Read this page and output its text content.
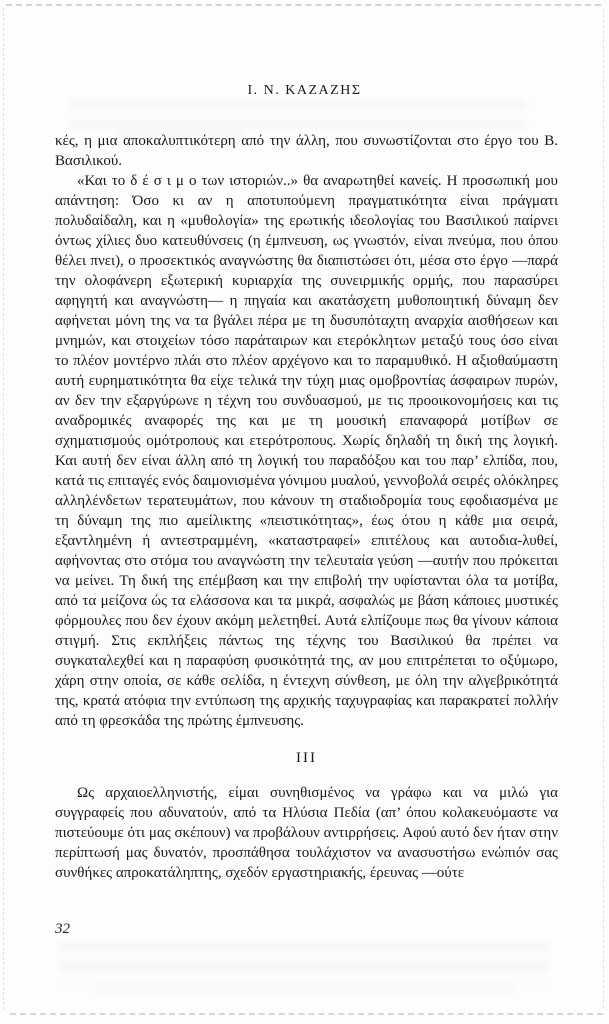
Ι. Ν. ΚΑΖΑΖΗΣ

κές, η μια αποκαλυπτικότερη από την άλλη, που συνωστίζονται στο έργο του Β. Βασιλικού.

«Και το δ έ σ ι μ ο των ιστοριών..» θα αναρωτηθεί κανείς. Η προσωπική μου απάντηση: Όσο κι αν η αποτυπούμενη πραγματικότητα είναι πράγματι πολυδαίδαλη, και η «μυθολογία» της ερωτικής ιδεολογίας του Βασιλικού παίρνει όντως χίλιες δυο κατευθύνσεις (η έμπνευση, ως γνωστόν, είναι πνεύμα, που όπου θέλει πνει), ο προσεκτικός αναγνώστης θα διαπιστώσει ότι, μέσα στο έργο —παρά την ολοφάνερη εξωτερική κυριαρχία της συνειρμικής ορμής, που παρασύρει αφηγητή και αναγνώστη— η πηγαία και ακατάσχετη μυθοποιητική δύναμη δεν αφήνεται μόνη της να τα βγάλει πέρα με τη δυσυπόταχτη αναρχία αισθήσεων και μνημών, και στοιχείων τόσο παράταιρων και ετερόκλητων μεταξύ τους όσο είναι το πλέον μοντέρνο πλάι στο πλέον αρχέγονο και το παραμυθικό. Η αξιοθαύμαστη αυτή ευρηματικότητα θα είχε τελικά την τύχη μιας ομοβροντίας άσφαιρων πυρών, αν δεν την εξαργύρωνε η τέχνη του συνδυασμού, με τις προοικονομήσεις και τις αναδρομικές αναφορές της και με τη μουσική επαναφορά μοτίβων σε σχηματισμούς ομότροπους και ετερότροπους. Χωρίς δηλαδή τη δική της λογική. Και αυτή δεν είναι άλλη από τη λογική του παραδόξου και του παρ’ ελπίδα, που, κατά τις επιταγές ενός δαιμονισμένα γόνιμου μυαλού, γεννοβολά σειρές ολόκληρες αλληλένδετων τερατευμάτων, που κάνουν τη σταδιοδρομία τους εφοδιασμένα με τη δύναμη της πιο αμείλικτης «πειστικότητας», έως ότου η κάθε μια σειρά, εξαντλημένη ή αντεστραμμένη, «καταστραφεί» επιτέλους και αυτοδια-λυθεί, αφήνοντας στο στόμα του αναγνώστη την τελευταία γεύση —αυτήν που πρόκειται να μείνει. Τη δική της επέμβαση και την επιβολή την υφίστανται όλα τα μοτίβα, από τα μείζονα ώς τα ελάσσονα και τα μικρά, ασφαλώς με βάση κάποιες μυστικές φόρμουλες που δεν έχουν ακόμη μελετηθεί. Αυτά ελπίζουμε πως θα γίνουν κάποια στιγμή. Στις εκπλήξεις πάντως της τέχνης του Βασιλικού θα πρέπει να συγκαταλεχθεί και η παραφύση φυσικότητά της, αν μου επιτρέπεται το οξύμωρο, χάρη στην οποία, σε κάθε σελίδα, η έντεχνη σύνθεση, με όλη την αλγεβρικότητά της, κρατά ατόφια την εντύπωση της αρχικής ταχυγραφίας και παρακρατεί πολλήν από τη φρεσκάδα της πρώτης έμπνευσης.

III

Ως αρχαιοελληνιστής, είμαι συνηθισμένος να γράφω και να μιλώ για συγγραφείς που αδυνατούν, από τα Ηλύσια Πεδία (απ’ όπου κολακευόμαστε να πιστεύουμε ότι μας σκέπουν) να προβάλουν αντιρρήσεις. Αφού αυτό δεν ήταν στην περίπτωσή μας δυνατόν, προσπάθησα τουλάχιστον να ανασυστήσω ενώπιόν σας συνθήκες απροκατάληπτης, σχεδόν εργαστηριακής, έρευνας —ούτε

32
